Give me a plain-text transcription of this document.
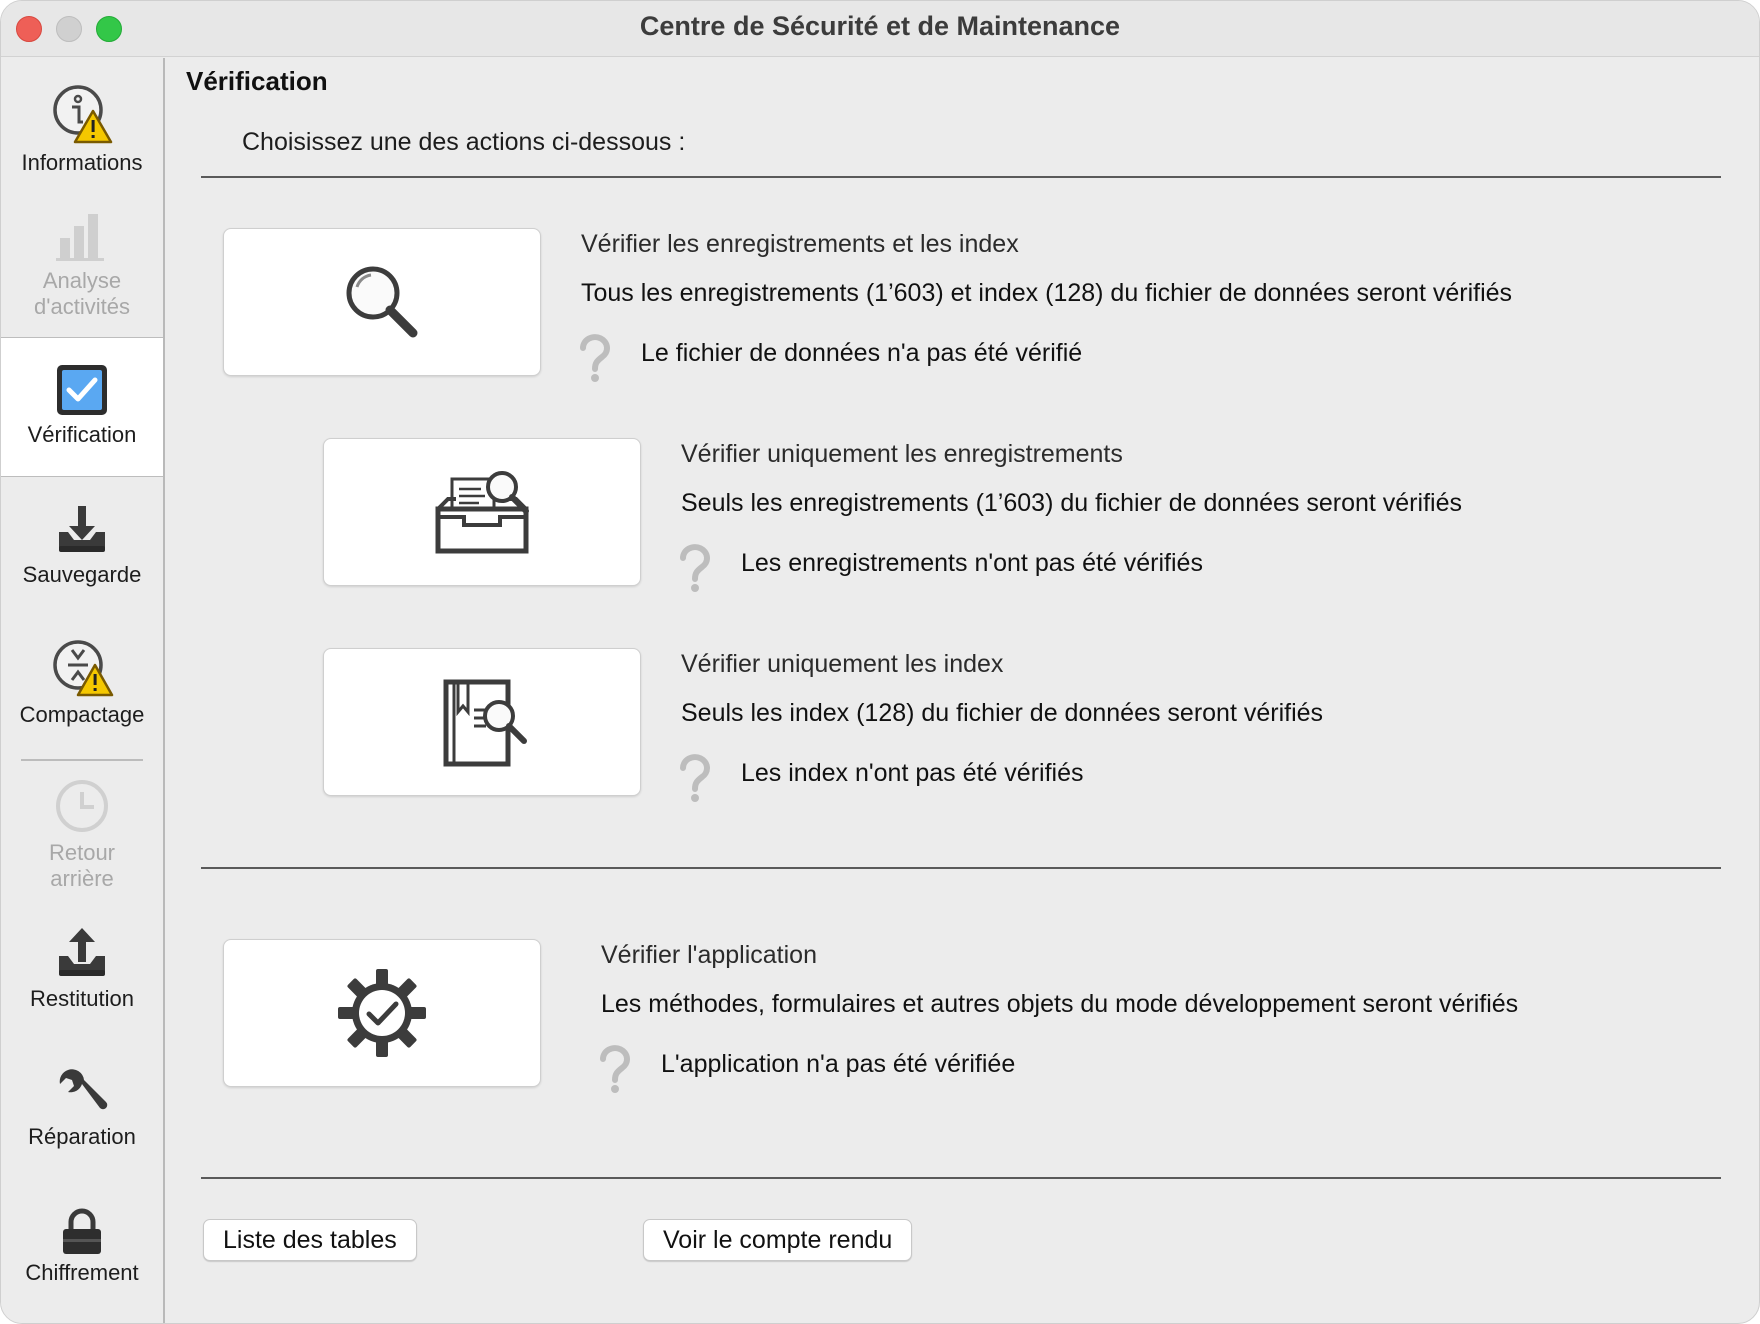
Centre de Sécurité et de Maintenance
Informations
Analyse d'activités
Vérification
Sauvegarde
Compactage
Retour arrière
Restitution
Réparation
Chiffrement
Vérification
Choisissez une des actions ci-dessous :
Vérifier les enregistrements et les index
Tous les enregistrements (1’603) et index (128) du fichier de données seront vérifiés
Le fichier de données n'a pas été vérifié
Vérifier uniquement les enregistrements
Seuls les enregistrements (1’603) du fichier de données seront vérifiés
Les enregistrements n'ont pas été vérifiés
Vérifier uniquement les index
Seuls les index (128) du fichier de données seront vérifiés
Les index n'ont pas été vérifiés
Vérifier l'application
Les méthodes, formulaires et autres objets du mode développement seront vérifiés
L'application n'a pas été vérifiée
Liste des tables	Voir le compte rendu
